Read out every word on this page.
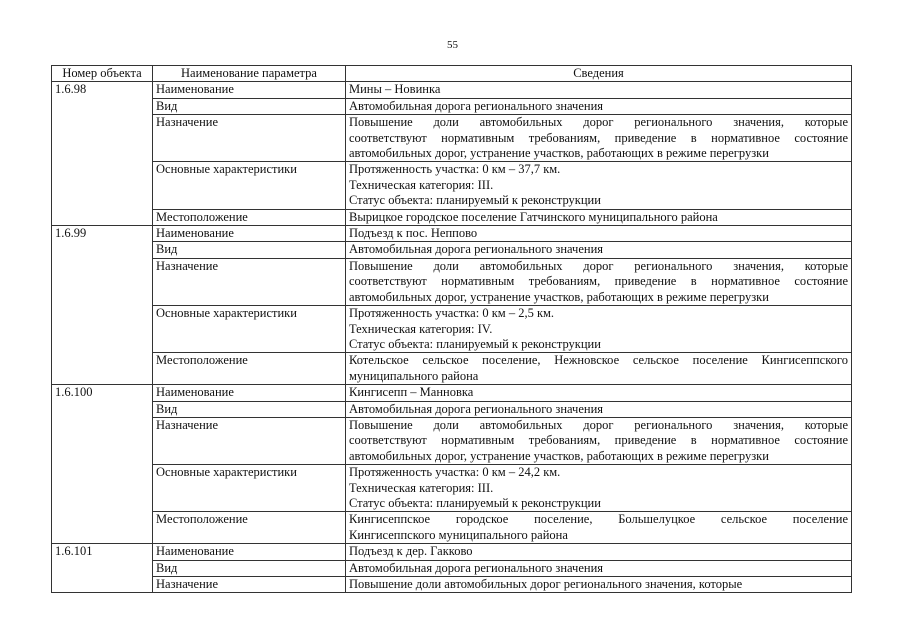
55
Номер объекта	Наименование параметра	Сведения
1.6.98	Наименование	Мины – Новинка

	Вид	Автомобильная дорога регионального значения

	Назначение	Повышение доли автомобильных дорог регионального значения, которые
соответствуют нормативным требованиям, приведение в нормативное состояние
автомобильных дорог, устранение участков, работающих в режиме перегрузки

	Основные характеристики	Протяженность участка: 0 км – 37,7 км.
Техническая категория: III.
Статус объекта: планируемый к реконструкции

	Местоположение	Вырицкое городское поселение Гатчинского муниципального района

1.6.99	Наименование	Подъезд к пос. Неппово

	Вид	Автомобильная дорога регионального значения

	Назначение	Повышение доли автомобильных дорог регионального значения, которые
соответствуют нормативным требованиям, приведение в нормативное состояние
автомобильных дорог, устранение участков, работающих в режиме перегрузки

	Основные характеристики	Протяженность участка: 0 км – 2,5 км.
Техническая категория: IV.
Статус объекта: планируемый к реконструкции

	Местоположение	Котельское сельское поселение, Нежновское сельское поселение Кингисеппского
муниципального района

1.6.100	Наименование	Кингисепп – Манновка

	Вид	Автомобильная дорога регионального значения

	Назначение	Повышение доли автомобильных дорог регионального значения, которые
соответствуют нормативным требованиям, приведение в нормативное состояние
автомобильных дорог, устранение участков, работающих в режиме перегрузки

	Основные характеристики	Протяженность участка: 0 км – 24,2 км.
Техническая категория: III.
Статус объекта: планируемый к реконструкции

	Местоположение	Кингисеппское городское поселение, Большелуцкое сельское поселение
Кингисеппского муниципального района

1.6.101	Наименование	Подъезд к дер. Гакково

	Вид	Автомобильная дорога регионального значения

	Назначение	Повышение доли автомобильных дорог регионального значения, которые
